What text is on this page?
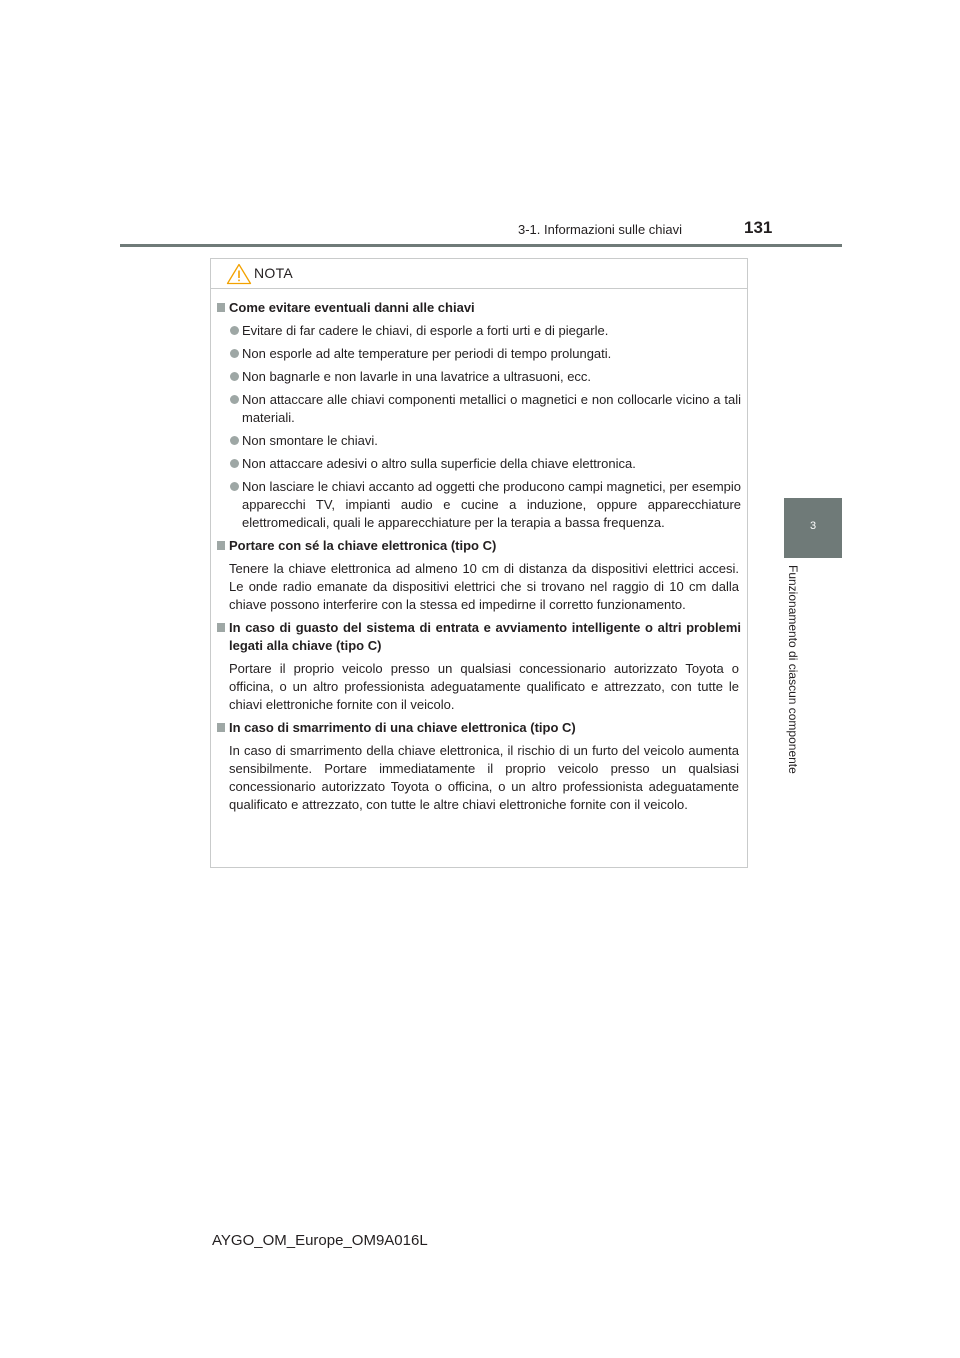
3-1. Informazioni sulle chiavi	131
3
Funzionamento di ciascun componente
NOTA
Come evitare eventuali danni alle chiavi
Evitare di far cadere le chiavi, di esporle a forti urti e di piegarle.
Non esporle ad alte temperature per periodi di tempo prolungati.
Non bagnarle e non lavarle in una lavatrice a ultrasuoni, ecc.
Non attaccare alle chiavi componenti metallici o magnetici e non collocarle vicino a tali materiali.
Non smontare le chiavi.
Non attaccare adesivi o altro sulla superficie della chiave elettronica.
Non lasciare le chiavi accanto ad oggetti che producono campi magnetici, per esempio apparecchi TV, impianti audio e cucine a induzione, oppure apparecchiature elettromedicali, quali le apparecchiature per la terapia a bassa frequenza.
Portare con sé la chiave elettronica (tipo C)
Tenere la chiave elettronica ad almeno 10 cm di distanza da dispositivi elettrici accesi. Le onde radio emanate da dispositivi elettrici che si trovano nel raggio di 10 cm dalla chiave possono interferire con la stessa ed impedirne il corretto funzionamento.
In caso di guasto del sistema di entrata e avviamento intelligente o altri problemi legati alla chiave (tipo C)
Portare il proprio veicolo presso un qualsiasi concessionario autorizzato Toyota o officina, o un altro professionista adeguatamente qualificato e attrezzato, con tutte le chiavi elettroniche fornite con il veicolo.
In caso di smarrimento di una chiave elettronica (tipo C)
In caso di smarrimento della chiave elettronica, il rischio di un furto del veicolo aumenta sensibilmente. Portare immediatamente il proprio veicolo presso un qualsiasi concessionario autorizzato Toyota o officina, o un altro professionista adeguatamente qualificato e attrezzato, con tutte le altre chiavi elettroniche fornite con il veicolo.
AYGO_OM_Europe_OM9A016L
